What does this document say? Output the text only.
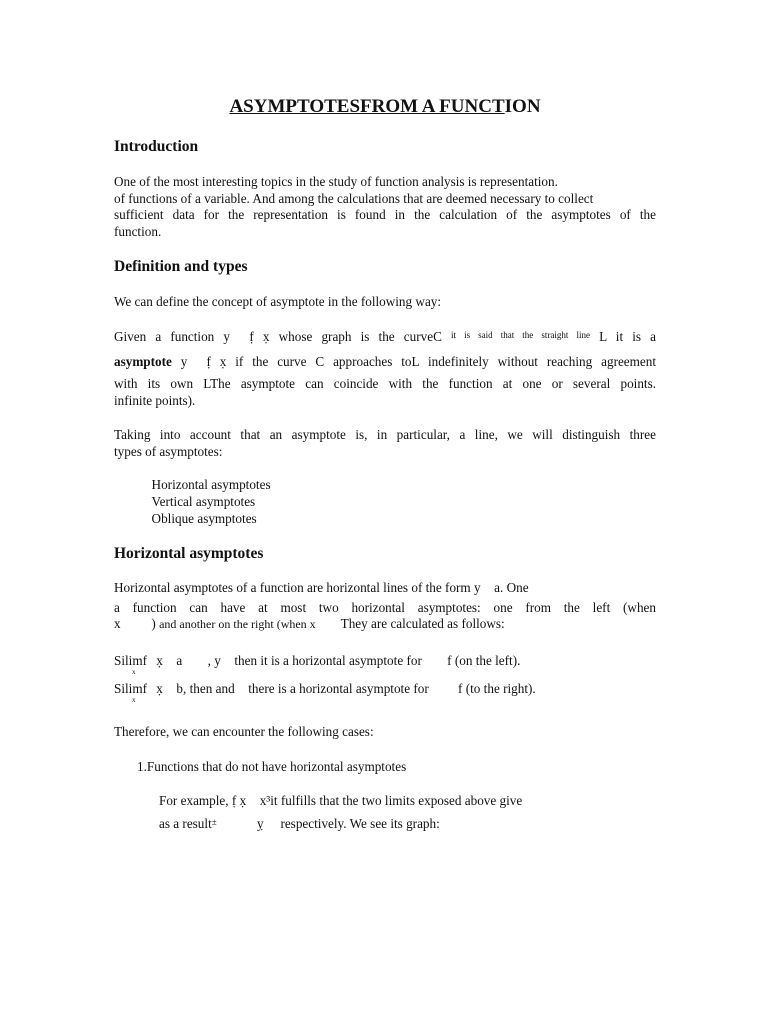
ASYMPTOTESFROM A FUNCTION
Introduction
One of the most interesting topics in the study of function analysis is representation.
of functions of a variable. And among the calculations that are deemed necessary to collect
sufficient data for the representation is found in the calculation of the asymptotes of the
function.
Definition and types
We can define the concept of asymptote in the following way:
Given a function y f̣ x̣ whose graph is the curveC $^{it is said that the straight line}$ L it is a
asymptote y f̣ x̣ if the curve C approaches toL indefinitely without reaching agreement
with its own LThe asymptote can coincide with the function at one or several points.
infinite points).
Taking into account that an asymptote is, in particular, a line, we will distinguish three
types of asymptotes:
Horizontal asymptotes
Vertical asymptotes
Oblique asymptotes
Horizontal asymptotes
Horizontal asymptotes of a function are horizontal lines of the form y a. One
a function can have at most two horizontal asymptotes: one from the left (when
x ) and another on the right (when x They are calculated as follows:
Silimf x̣ a , y then it is a horizontal asymptote for f (on the left).
x
Silimf x̣ b, then and there is a horizontal asymptote for f (to the right).
x
Therefore, we can encounter the following cases:
1.Functions that do not have horizontal asymptotes
For example, f̣ x̣ x³it fulfills that the two limits exposed above give
as a result±	ỵ respectively. We see its graph:
